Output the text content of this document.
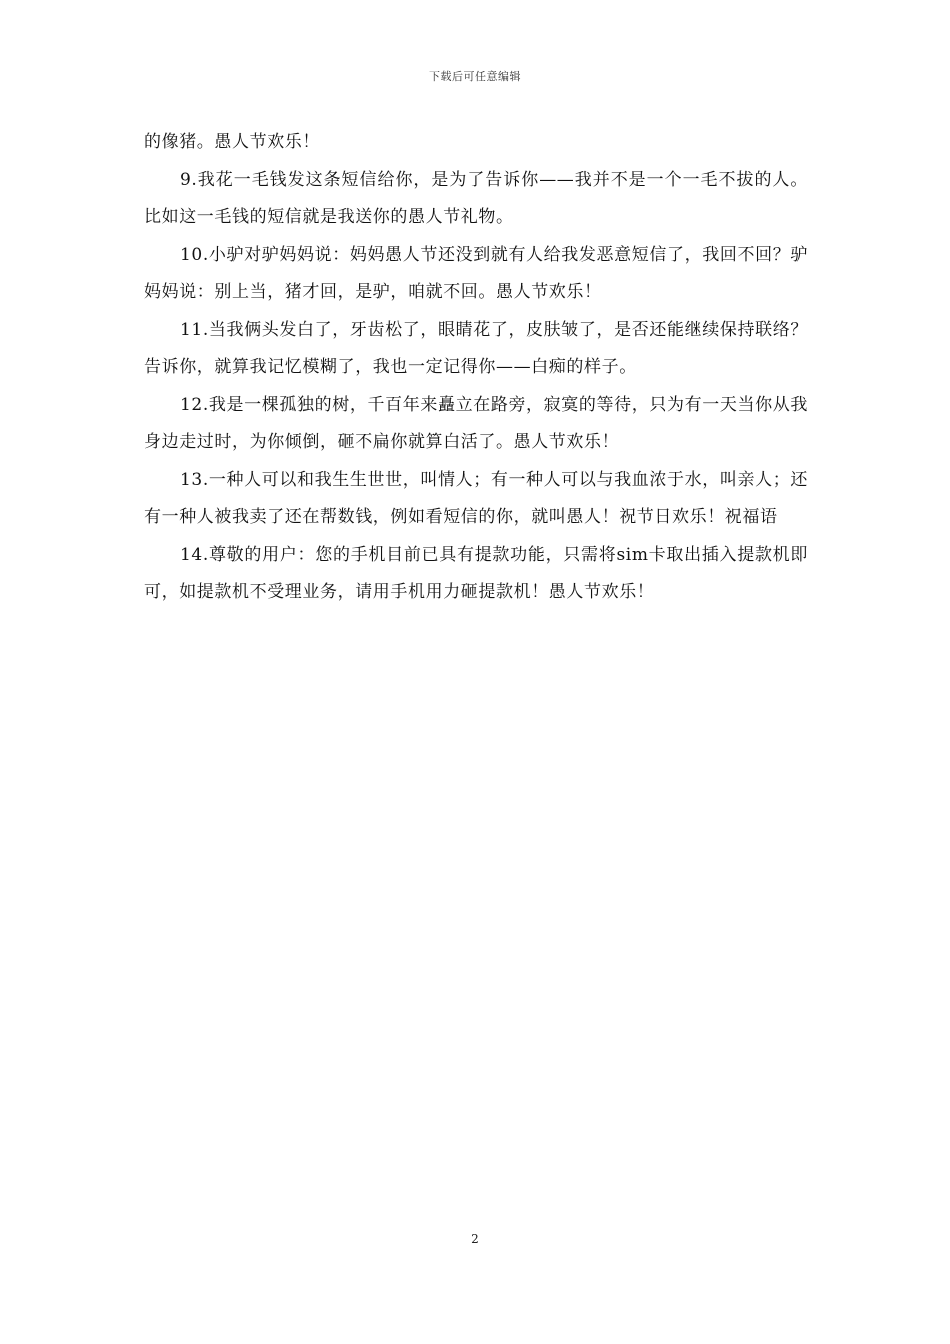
下载后可任意编辑

的像猪。愚人节欢乐！

9.我花一毛钱发这条短信给你，是为了告诉你——我并不是一个一毛不拔的人。比如这一毛钱的短信就是我送你的愚人节礼物。

10.小驴对驴妈妈说：妈妈愚人节还没到就有人给我发恶意短信了，我回不回？驴妈妈说：别上当，猪才回，是驴，咱就不回。愚人节欢乐！

11.当我俩头发白了，牙齿松了，眼睛花了，皮肤皱了，是否还能继续保持联络？告诉你，就算我记忆模糊了，我也一定记得你——白痴的样子。

12.我是一棵孤独的树，千百年来矗立在路旁，寂寞的等待，只为有一天当你从我身边走过时，为你倾倒，砸不扁你就算白活了。愚人节欢乐！

13.一种人可以和我生生世世，叫情人；有一种人可以与我血浓于水，叫亲人；还有一种人被我卖了还在帮数钱，例如看短信的你，就叫愚人！祝节日欢乐！祝福语

14.尊敬的用户：您的手机目前已具有提款功能，只需将sim卡取出插入提款机即可，如提款机不受理业务，请用手机用力砸提款机！愚人节欢乐！

2
